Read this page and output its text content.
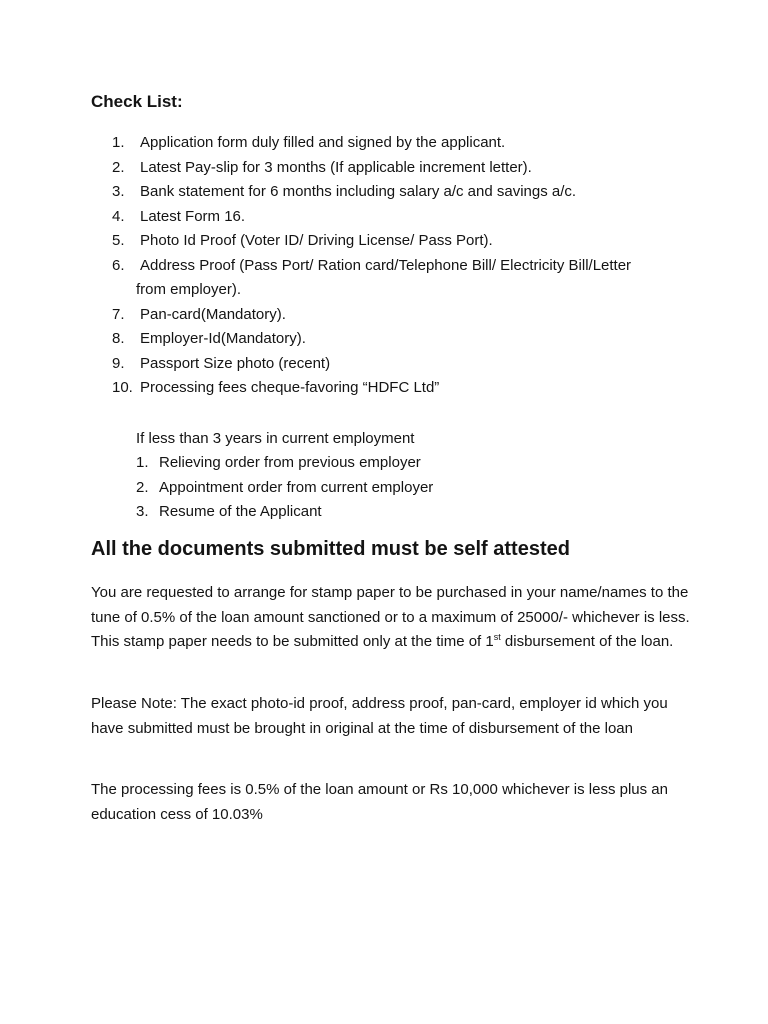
Check List:
1.	Application form duly filled and signed by the applicant.
2.	Latest Pay-slip for 3 months (If applicable increment letter).
3.	Bank statement for 6 months including salary a/c and savings a/c.
4.	Latest Form 16.
5.	Photo Id Proof (Voter ID/ Driving License/ Pass Port).
6.	Address Proof (Pass Port/ Ration card/Telephone Bill/ Electricity Bill/Letter
from employer).
7.	Pan-card(Mandatory).
8.	Employer-Id(Mandatory).
9.	Passport Size photo (recent)
10. Processing fees cheque-favoring “HDFC Ltd”

If less than 3 years in current employment

1. Relieving order from previous employer
2. Appointment order from current employer
3. Resume of the Applicant
All the documents submitted must be self attested

You are requested to arrange for stamp paper to be purchased in your name/names to the tune of 0.5% of the loan amount sanctioned or to a maximum of 25000/- whichever is less. This stamp paper needs to be submitted only at the time of 1st disbursement of the loan.

Please Note: The exact photo-id proof, address proof, pan-card, employer id which you have submitted must be brought in original at the time of disbursement of the loan

The processing fees is 0.5% of the loan amount or Rs 10,000 whichever is less plus an education cess of 10.03%
